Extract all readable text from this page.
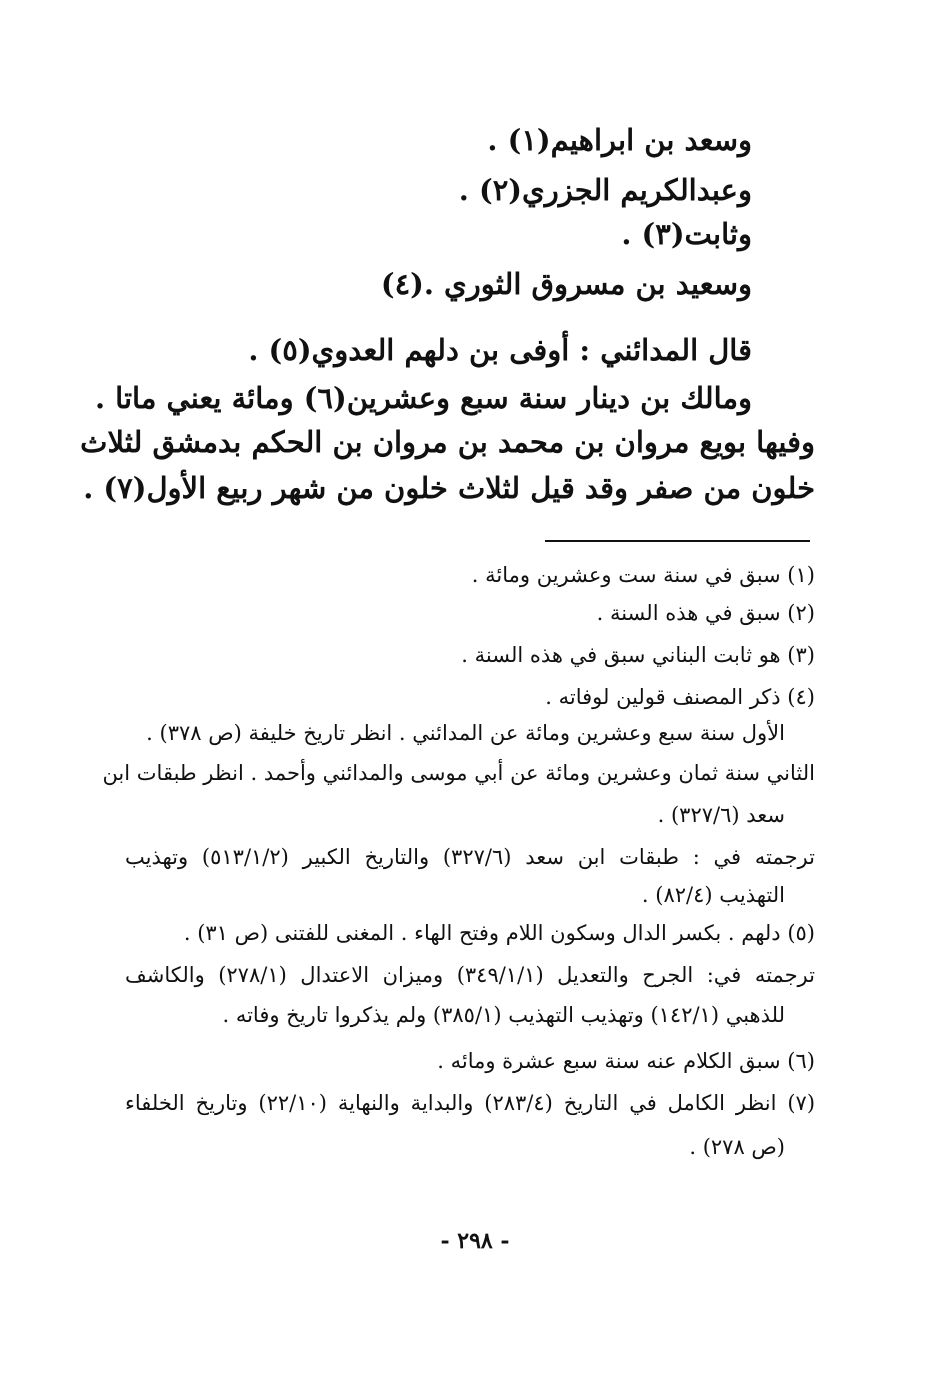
وسعد بن ابراهيم(١) .
وعبدالكريم الجزري(٢) .
وثابت(٣) .
وسعيد بن مسروق الثوري .(٤)
قال المدائني : أوفى بن دلهم العدوي(٥) .
ومالك بن دينار سنة سبع وعشرين(٦) ومائة يعني ماتا .
وفيها بويع مروان بن محمد بن مروان بن الحكم بدمشق لثلاث
خلون من صفر وقد قيل لثلاث خلون من شهر ربيع الأول(٧) .
(١) سبق في سنة ست وعشرين ومائة .
(٢) سبق في هذه السنة .
(٣) هو ثابت البناني سبق في هذه السنة .
(٤) ذكر المصنف قولين لوفاته .
الأول سنة سبع وعشرين ومائة عن المدائني . انظر تاريخ خليفة (ص ٣٧٨) .
الثاني سنة ثمان وعشرين ومائة عن أبي موسى والمدائني وأحمد . انظر طبقات ابن
سعد (٣٢٧/٦) .
ترجمته في : طبقات ابن سعد (٣٢٧/٦) والتاريخ الكبير (٥١٣/١/٢) وتهذيب
التهذيب (٨٢/٤) .
(٥) دلهم . بكسر الدال وسكون اللام وفتح الهاء . المغنى للفتنى (ص ٣١) .
ترجمته في: الجرح والتعديل (٣٤٩/١/١) وميزان الاعتدال (٢٧٨/١) والكاشف
للذهبي (١٤٢/١) وتهذيب التهذيب (٣٨٥/١) ولم يذكروا تاريخ وفاته .
(٦) سبق الكلام عنه سنة سبع عشرة ومائه .
(٧) انظر الكامل في التاريخ (٢٨٣/٤) والبداية والنهاية (٢٢/١٠) وتاريخ الخلفاء
(ص ٢٧٨) .
- ٢٩٨ -
